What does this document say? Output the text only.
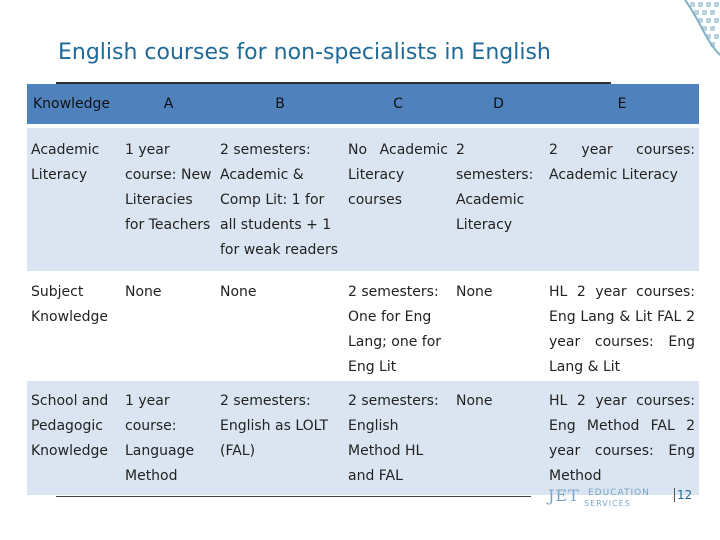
English courses for non-specialists in English
Knowledge	A	B	C	D	E
Academic Literacy	1 year course: New Literacies for Teachers	2 semesters: Academic & Comp Lit: 1 for all students + 1 for weak readers	No Academic Literacy courses	2 semesters: Academic Literacy	2 year courses: Academic Literacy
Subject Knowledge	None	None	2 semesters: One for Eng Lang; one for Eng Lit	None	HL 2 year courses: Eng Lang & Lit FAL 2 year courses: Eng Lang & Lit
School and Pedagogic Knowledge	1 year course: Language Method	2 semesters: English as LOLT (FAL)	2 semesters: English Method HL and FAL	None	HL 2 year courses: Eng Method FAL 2 year courses: Eng Method
JET EDUCATION
SERVICES
12
